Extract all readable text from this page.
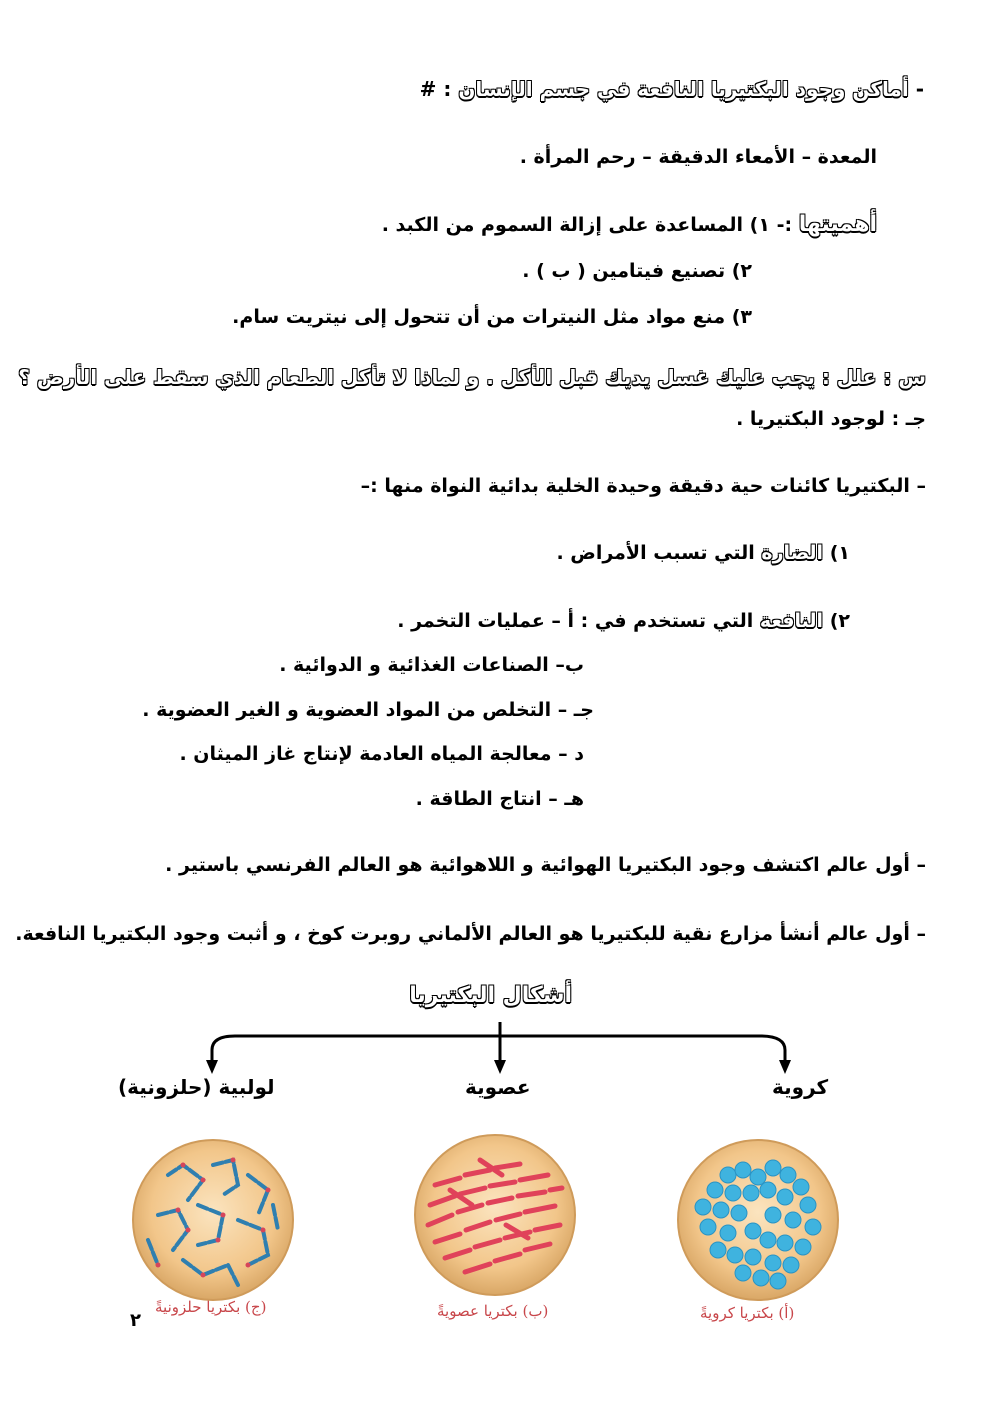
- أماكن وجود البكتيريا النافعة في جسم الإنسان : #
المعدة – الأمعاء الدقيقة – رحم المرأة .
أهميتها :- ١) المساعدة على إزالة السموم من الكبد .
٢) تصنيع فيتامين ( ب ) .
٣) منع مواد مثل النيترات من أن تتحول إلى نيتريت سام.
س : علل : يجب عليك غسل يديك قبل الأكل . و لماذا لا تأكل الطعام الذي سقط على الأرض ؟
جـ : لوجود البكتيريا .
– البكتيريا كائنات حية دقيقة وحيدة الخلية بدائية النواة منها :–
١) الضارة التي تسبب الأمراض .
٢) النافعة التي تستخدم في : أ – عمليات التخمر .
ب– الصناعات الغذائية و الدوائية .
جـ – التخلص من المواد العضوية و الغير العضوية .
د – معالجة المياه العادمة لإنتاج غاز الميثان .
هـ – انتاج الطاقة .
– أول عالم اكتشف وجود البكتيريا الهوائية و اللاهوائية هو العالم الفرنسي باستير .
– أول عالم أنشأ مزارع نقية للبكتيريا هو العالم الألماني روبرت كوخ ، و أثبت وجود البكتيريا النافعة.
أشكال البكتيريا
كروية
عصوية
لولبية (حلزونية)
(أ) بكتريا كرويةً
(ب) بكتريا عصويةً
(ج) بكتريا حلزونيةً
٢
